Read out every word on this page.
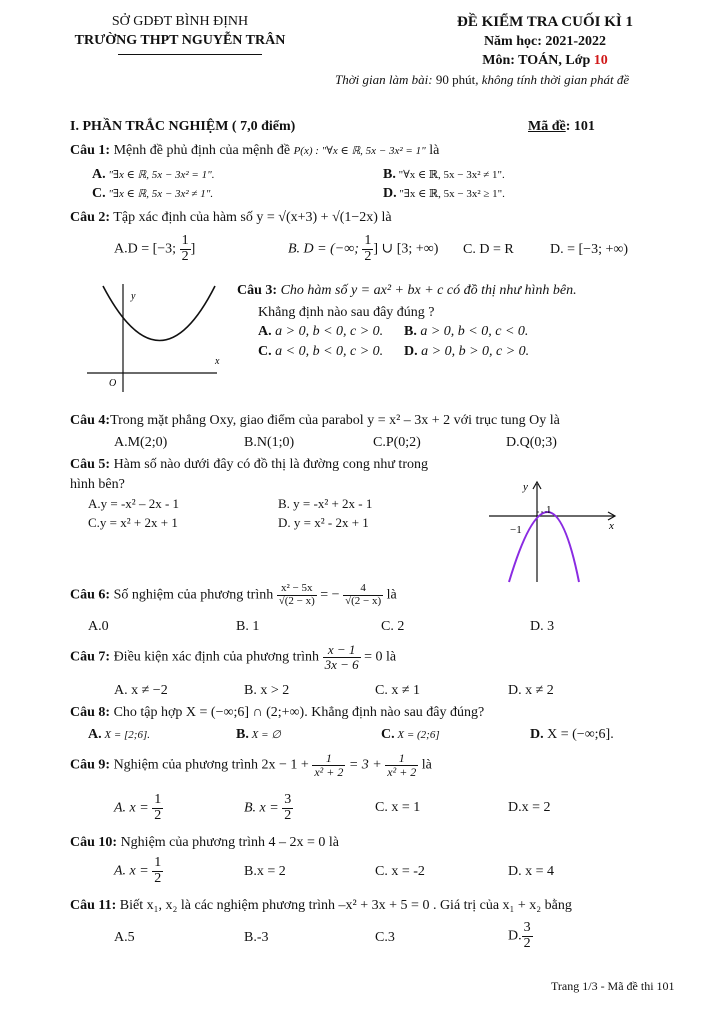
SỞ GDĐT BÌNH ĐỊNH
TRƯỜNG THPT NGUYỄN TRÂN
ĐỀ KIỂM TRA CUỐI KÌ 1
Năm học: 2021-2022
Môn: TOÁN, Lớp 10
Thời gian làm bài: 90 phút, không tính thời gian phát đề
I. PHẦN TRẮC NGHIỆM ( 7,0 điểm)	Mã đề: 101
Câu 1: Mệnh đề phủ định của mệnh đề P(x) : "∀x ∈ ℝ, 5x − 3x² = 1" là
A. "∃x ∈ ℝ, 5x − 3x² = 1".	B. "∀x ∈ ℝ, 5x − 3x² ≠ 1".
C. "∃x ∈ ℝ, 5x − 3x² ≠ 1".	D. "∃x ∈ ℝ, 5x − 3x² ≥ 1".
Câu 2: Tập xác định của hàm số y = √(x+3) + √(1−2x) là
A.D = [−3; $\frac{1}{2}$ ]	B. D = (−∞; $\frac{1}{2}$ ] ∪ [3; +∞) C. D = R	D. = [−3; +∞)
y
x
O
Câu 3: Cho hàm số y = ax² + bx + c có đồ thị như hình bên.
Khẳng định nào sau đây đúng ?
A. a > 0, b < 0, c > 0. B. a > 0, b < 0, c < 0.
C. a < 0, b < 0, c > 0. D. a > 0, b > 0, c > 0.
Câu 4:Trong mặt phẳng Oxy, giao điểm của parabol y = x² – 3x + 2 với trục tung Oy là
A.M(2;0)	B.N(1;0)	C.P(0;2)	D.Q(0;3)
Câu 5: Hàm số nào dưới đây có đồ thị là đường cong như trong
hình bên?
A.y = -x² – 2x - 1	B. y = -x² + 2x - 1
C.y = x² + 2x + 1	D. y = x² - 2x + 1
y
x
1
−1
Câu 6: Số nghiệm của phương trình $\frac{\text{x² − 5x}}{√(2 - x)}$ = − $\frac{4}{√(2 - x)}$ là
A.0	B. 1	C. 2	D. 3
Câu 7: Điều kiện xác định của phương trình $\frac{x - 1}{3x - 6} = 0$ là
A. x ≠ −2	B. x > 2	C. x ≠ 1	D. x ≠ 2
Câu 8: Cho tập hợp X = (−∞;6] ∩ (2;+∞). Khẳng định nào sau đây đúng?
A. X = [2;6].	B. X = ∅	C. X = (2;6]	D. X = (−∞;6].
Câu 9: Nghiệm của phương trình $2x - 1 + \frac{1}{\text{x² + 2}} = 3 + \frac{1}{\text{x² + 2}}$ là
A. $x = \frac{1}{2}$	B. $x = \frac{3}{2}$	C. x = 1	D.x = 2
Câu 10: Nghiệm của phương trình 4 – 2x = 0 là
A. $x = \frac{1}{2}$	B.x = 2	C. x = -2	D. x = 4
Câu 11: Biết x₁, x₂ là các nghiệm phương trình –x² + 3x + 5 = 0 . Giá trị của x₁ + x₂ bằng
A.5	B.-3	C.3	D. $\frac{3}{2}$
Trang 1/3 - Mã đề thi 101
